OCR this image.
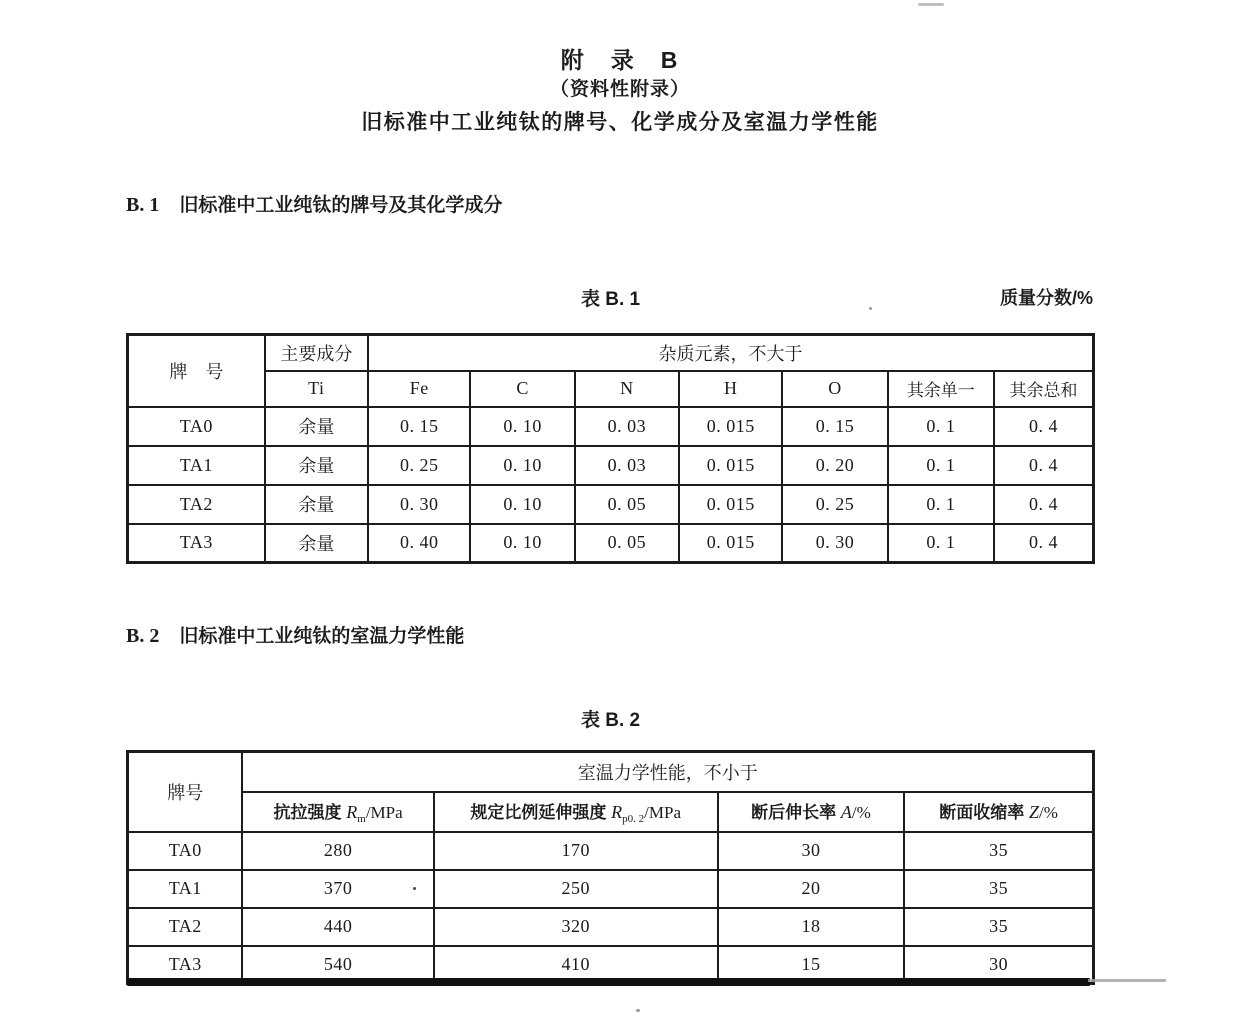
附　录　B
（资料性附录）
旧标准中工业纯钛的牌号、化学成分及室温力学性能
B. 1 旧标准中工业纯钛的牌号及其化学成分
表 B. 1	质量分数/%
牌　号	主要成分	杂质元素，不大于						
	Ti	Fe	C	N	H	O	其余单一	其余总和
TA0	余量	0. 15	0. 10	0. 03	0. 015	0. 15	0. 1	0. 4
TA1	余量	0. 25	0. 10	0. 03	0. 015	0. 20	0. 1	0. 4
TA2	余量	0. 30	0. 10	0. 05	0. 015	0. 25	0. 1	0. 4
TA3	余量	0. 40	0. 10	0. 05	0. 015	0. 30	0. 1	0. 4
B. 2 旧标准中工业纯钛的室温力学性能
表 B. 2
牌号	室温力学性能，不小于			
	抗拉强度 $R_m$/MPa	规定比例延伸强度 $R_{p0. 2}$/MPa	断后伸长率 A/%	断面收缩率 Z/%
TA0	280	170	30	35
TA1	370	250	20	35
TA2	440	320	18	35
TA3	540	410	15	30
